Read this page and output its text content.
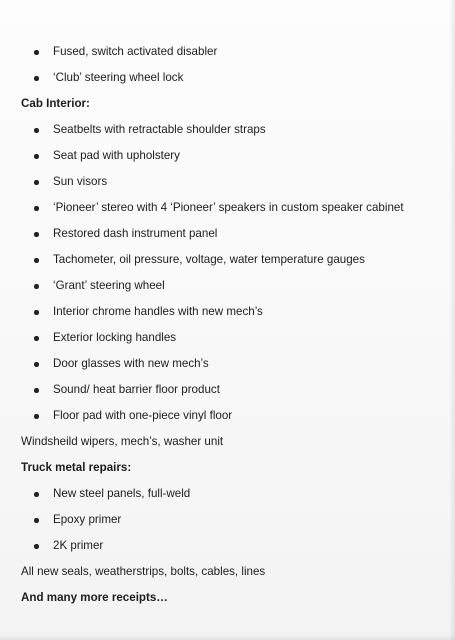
Fused, switch activated disabler
‘Club’ steering wheel lock
Cab Interior:
Seatbelts with retractable shoulder straps
Seat pad with upholstery
Sun visors
‘Pioneer’ stereo with 4 ‘Pioneer’ speakers in custom speaker cabinet
Restored dash instrument panel
Tachometer, oil pressure, voltage, water temperature gauges
‘Grant’ steering wheel
Interior chrome handles with new mech’s
Exterior locking handles
Door glasses with new mech’s
Sound/ heat barrier floor product
Floor pad with one-piece vinyl floor
Windsheild wipers, mech’s, washer unit
Truck metal repairs:
New steel panels, full-weld
Epoxy primer
2K primer
All new seals, weatherstrips, bolts, cables, lines
And many more receipts…
